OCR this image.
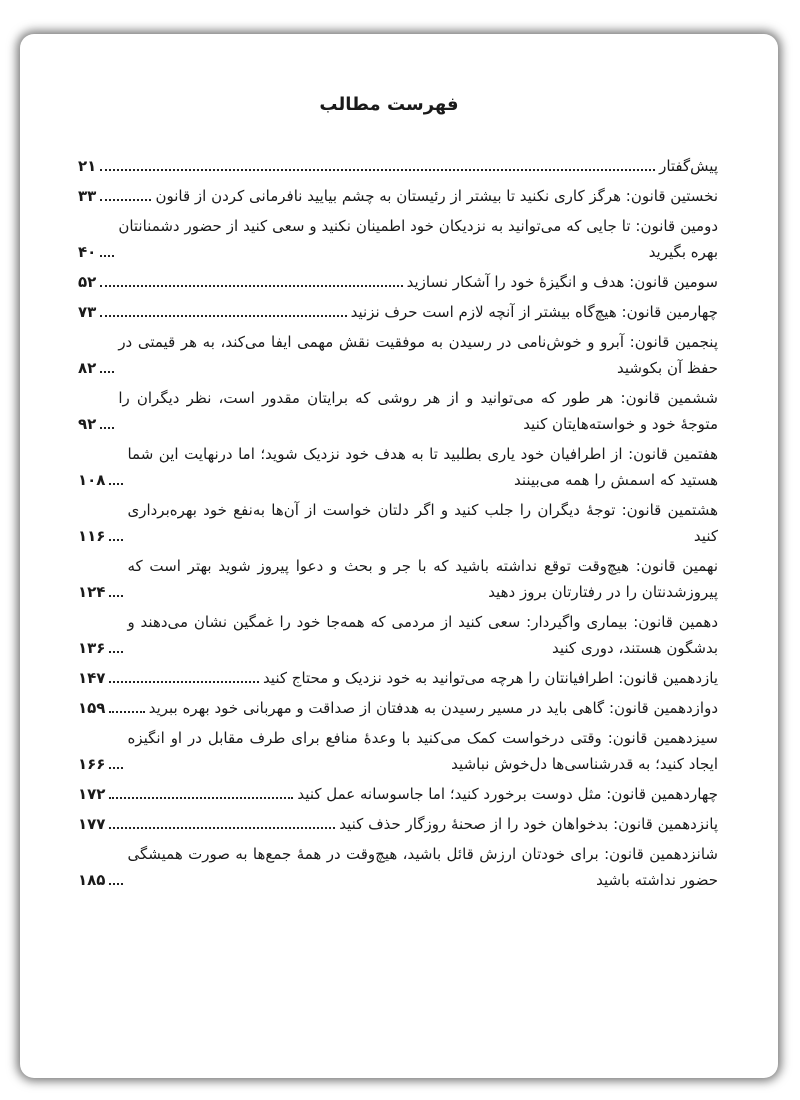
فهرست مطالب
پیش‌گفتار
۲۱
نخستین قانون: هرگز کاری نکنید تا بیشتر از رئیستان به چشم بیایید نافرمانی کردن از قانون
۳۳
دومین قانون: تا جایی که می‌توانید به نزدیکان خود اطمینان نکنید و سعی کنید از حضور دشمنانتان بهره بگیرید
۴۰
سومین قانون: هدف و انگیزهٔ خود را آشکار نسازید
۵۲
چهارمین قانون: هیچ‌گاه بیشتر از آنچه لازم است حرف نزنید
۷۳
پنجمین قانون: آبرو و خوش‌نامی در رسیدن به موفقیت نقش مهمی ایفا می‌کند، به هر قیمتی در حفظ آن بکوشید
۸۲
ششمین قانون: هر طور که می‌توانید و از هر روشی که برایتان مقدور است، نظر دیگران را متوجهٔ خود و خواسته‌هایتان کنید
۹۲
هفتمین قانون: از اطرافیان خود یاری بطلبید تا به هدف خود نزدیک شوید؛ اما درنهایت این شما هستید که اسمش را همه می‌بینند
۱۰۸
هشتمین قانون: توجهٔ دیگران را جلب کنید و اگر دلتان خواست از آن‌ها به‌نفع خود بهره‌برداری کنید
۱۱۶
نهمین قانون: هیچ‌وقت توقع نداشته باشید که با جر و بحث و دعوا پیروز شوید بهتر است که پیروزشدنتان را در رفتارتان بروز دهید
۱۲۴
دهمین قانون: بیماری واگیردار: سعی کنید از مردمی که همه‌جا خود را غمگین نشان می‌دهند و بدشگون هستند، دوری کنید
۱۳۶
یازدهمین قانون: اطرافیانتان را هرچه می‌توانید به خود نزدیک و محتاج کنید
۱۴۷
دوازدهمین قانون: گاهی باید در مسیر رسیدن به هدفتان از صداقت و مهربانی خود بهره ببرید
۱۵۹
سیزدهمین قانون: وقتی درخواست کمک می‌کنید با وعدهٔ منافع برای طرف مقابل در او انگیزه ایجاد کنید؛ به قدرشناسی‌ها دل‌خوش نباشید
۱۶۶
چهاردهمین قانون: مثل دوست برخورد کنید؛ اما جاسوسانه عمل کنید
۱۷۲
پانزدهمین قانون: بدخواهان خود را از صحنهٔ روزگار حذف کنید
۱۷۷
شانزدهمین قانون: برای خودتان ارزش قائل باشید، هیچ‌وقت در همهٔ جمع‌ها به صورت همیشگی حضور نداشته باشید
۱۸۵
